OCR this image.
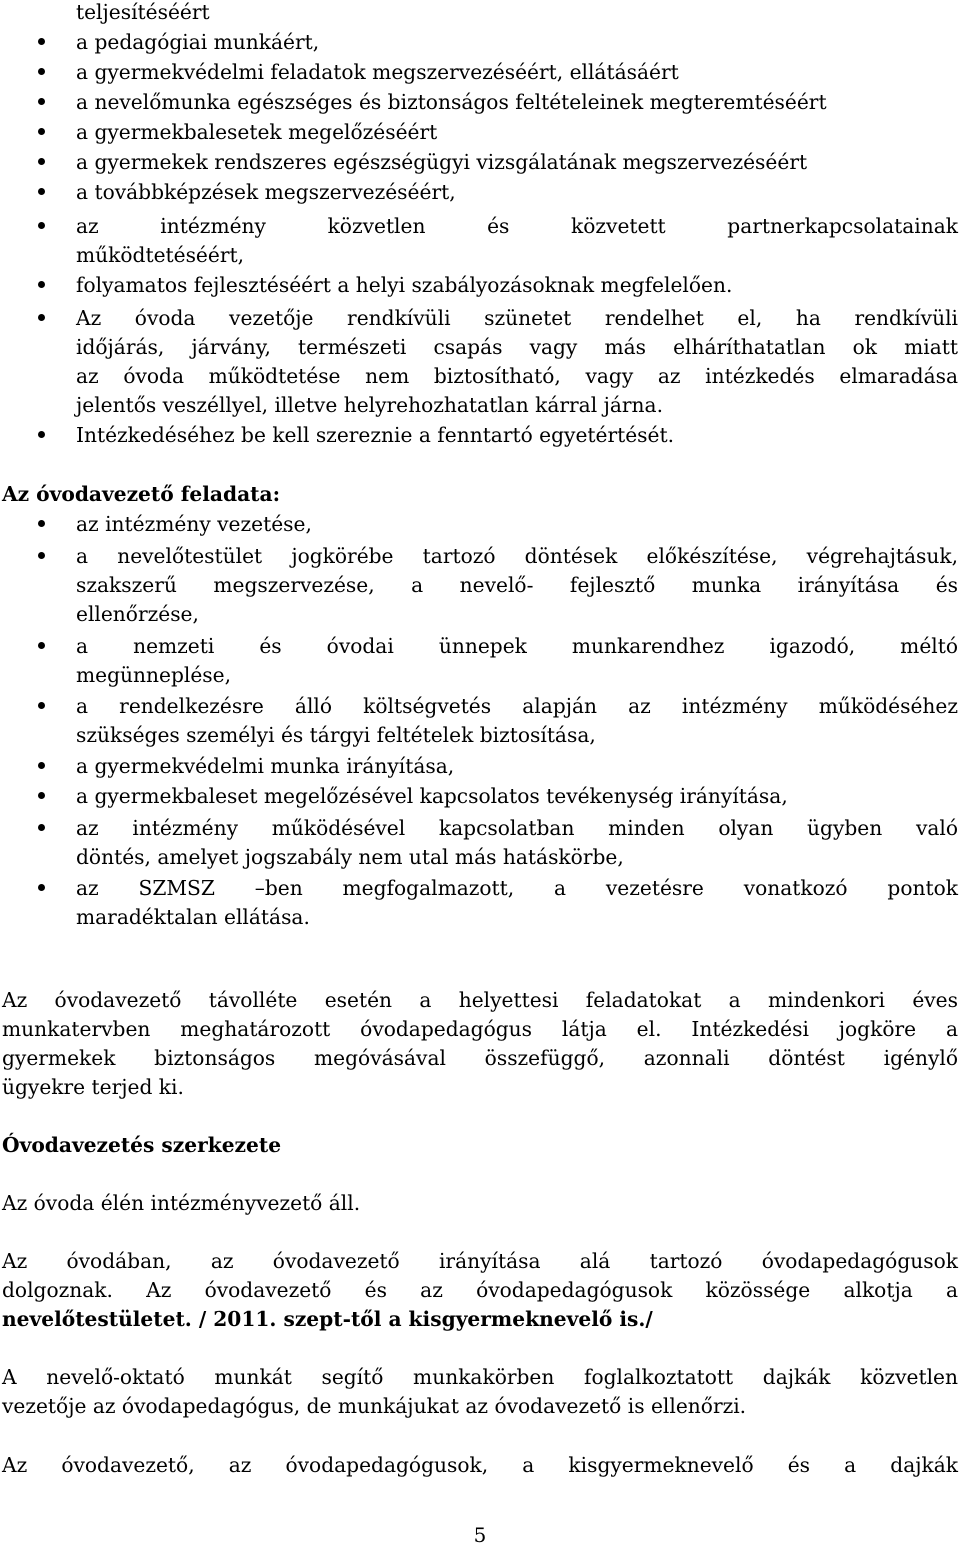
teljesítéséért
a pedagógiai munkáért,
a gyermekvédelmi feladatok megszervezéséért, ellátásáért
a nevelőmunka egészséges és biztonságos feltételeinek megteremtéséért
a gyermekbalesetek megelőzéséért
a gyermekek rendszeres egészségügyi vizsgálatának megszervezéséért
a továbbképzések megszervezéséért,
az intézmény közvetlen és közvetett partnerkapcsolatainak
működtetéséért,
folyamatos fejlesztéséért a helyi szabályozásoknak megfelelően.
Az óvoda vezetője rendkívüli szünetet rendelhet el, ha rendkívüli
időjárás, járvány, természeti csapás vagy más elháríthatatlan ok miatt
az óvoda működtetése nem biztosítható, vagy az intézkedés elmaradása
jelentős veszéllyel, illetve helyrehozhatatlan kárral járna.
Intézkedéséhez be kell szereznie a fenntartó egyetértését.
Az óvodavezető feladata:
az intézmény vezetése,
a nevelőtestület jogkörébe tartozó döntések előkészítése, végrehajtásuk,
szakszerű megszervezése, a nevelő- fejlesztő munka irányítása és
ellenőrzése,
a nemzeti és óvodai ünnepek munkarendhez igazodó, méltó
megünneplése,
a rendelkezésre álló költségvetés alapján az intézmény működéséhez
szükséges személyi és tárgyi feltételek biztosítása,
a gyermekvédelmi munka irányítása,
a gyermekbaleset megelőzésével kapcsolatos tevékenység irányítása,
az intézmény működésével kapcsolatban minden olyan ügyben való
döntés, amelyet jogszabály nem utal más hatáskörbe,
az SZMSZ –ben megfogalmazott, a vezetésre vonatkozó pontok
maradéktalan ellátása.
Az óvodavezető távolléte esetén a helyettesi feladatokat a mindenkori éves
munkatervben meghatározott óvodapedagógus látja el. Intézkedési jogköre a
gyermekek biztonságos megóvásával összefüggő, azonnali döntést igénylő
ügyekre terjed ki.
Óvodavezetés szerkezete
Az óvoda élén intézményvezető áll.
Az óvodában, az óvodavezető irányítása alá tartozó óvodapedagógusok
dolgoznak. Az óvodavezető és az óvodapedagógusok közössége alkotja a
nevelőtestületet. / 2011. szept-től a kisgyermeknevelő is./
A nevelő-oktató munkát segítő munkakörben foglalkoztatott dajkák közvetlen
vezetője az óvodapedagógus, de munkájukat az óvodavezető is ellenőrzi.
Az óvodavezető, az óvodapedagógusok, a kisgyermeknevelő és a dajkák
5
